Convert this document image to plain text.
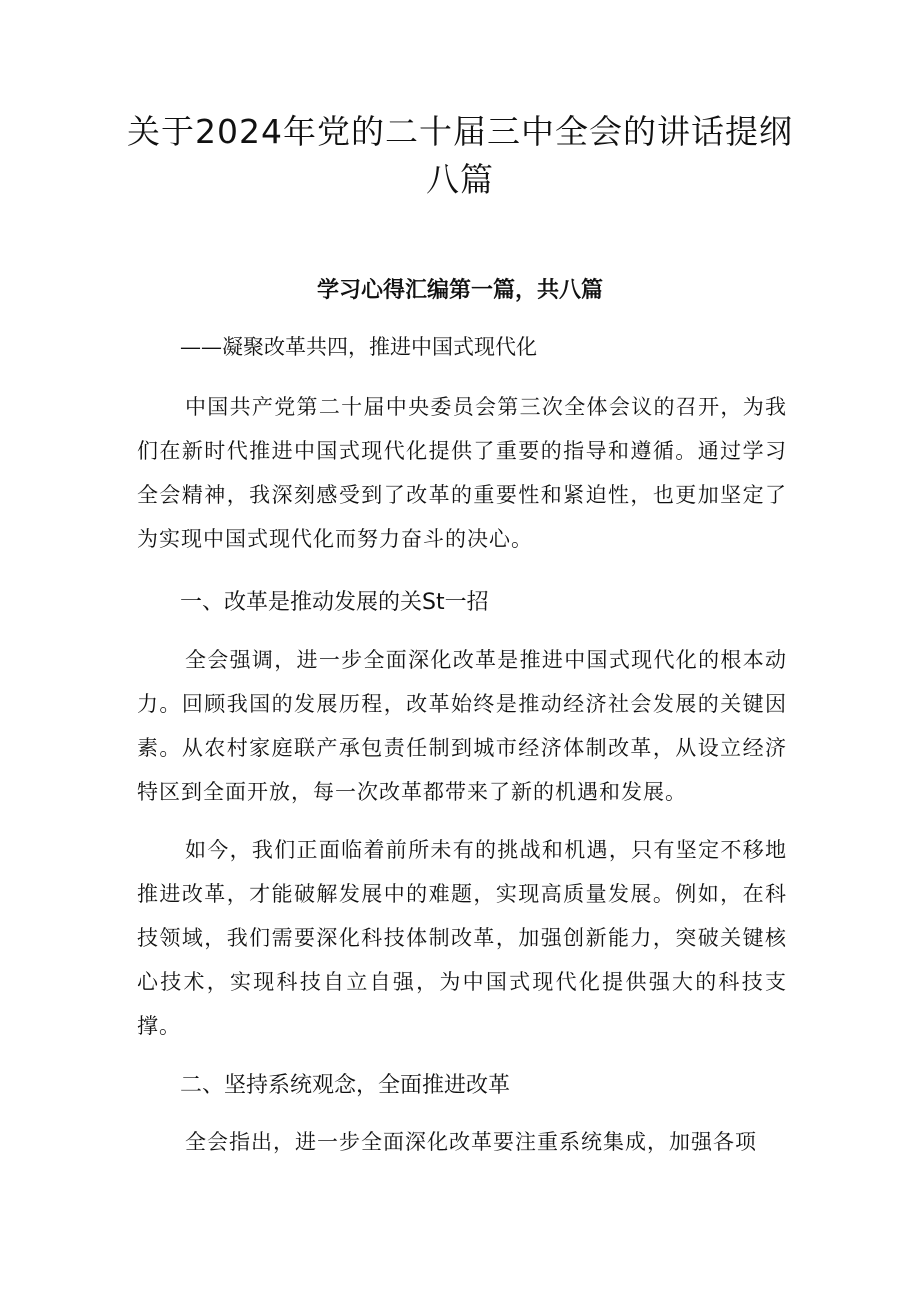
关于2024年党的二十届三中全会的讲话提纲八篇

学习心得汇编第一篇，共八篇

——凝聚改革共四，推进中国式现代化

中国共产党第二十届中央委员会第三次全体会议的召开，为我们在新时代推进中国式现代化提供了重要的指导和遵循。通过学习全会精神，我深刻感受到了改革的重要性和紧迫性，也更加坚定了为实现中国式现代化而努力奋斗的决心。

一、改革是推动发展的关St一招

全会强调，进一步全面深化改革是推进中国式现代化的根本动力。回顾我国的发展历程，改革始终是推动经济社会发展的关键因素。从农村家庭联产承包责任制到城市经济体制改革，从设立经济特区到全面开放，每一次改革都带来了新的机遇和发展。

如今，我们正面临着前所未有的挑战和机遇，只有坚定不移地推进改革，才能破解发展中的难题，实现高质量发展。例如，在科技领域，我们需要深化科技体制改革，加强创新能力，突破关键核心技术，实现科技自立自强，为中国式现代化提供强大的科技支撑。

二、坚持系统观念，全面推进改革

全会指出，进一步全面深化改革要注重系统集成，加强各项
